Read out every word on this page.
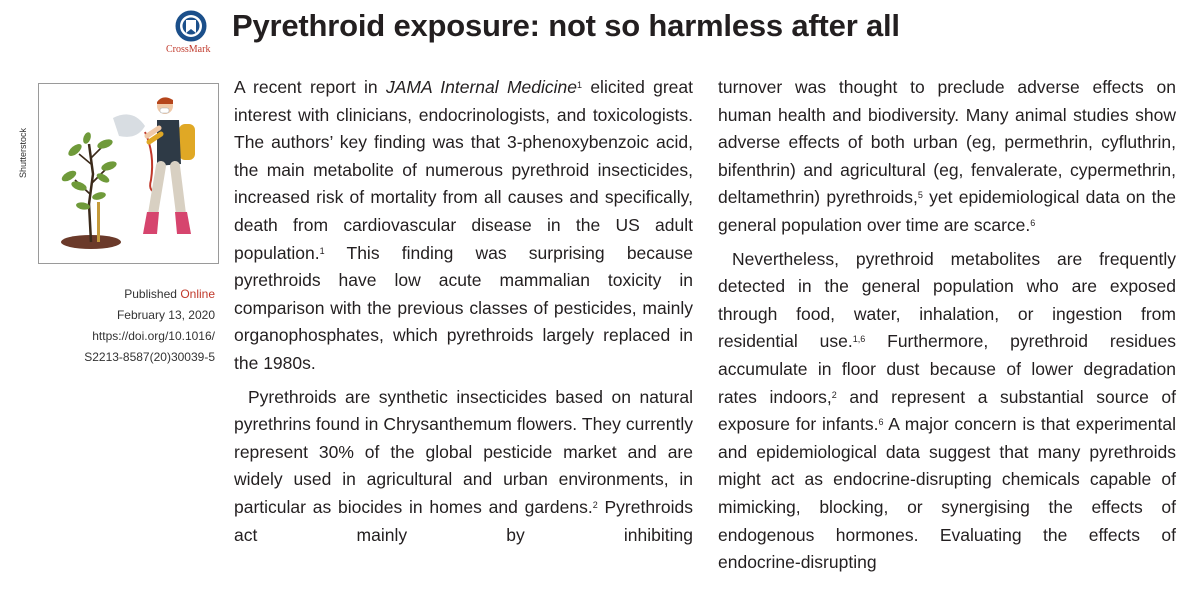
CrossMark
Pyrethroid exposure: not so harmless after all
Shutterstock
Published Online
February 13, 2020
https://doi.org/10.1016/
S2213-8587(20)30039-5

A recent report in JAMA Internal Medicine$^1$ elicited great interest with clinicians, endocrinologists, and toxicologists. The authors’ key finding was that 3-phenoxybenzoic acid, the main metabolite of numerous pyrethroid insecticides, increased risk of mortality from all causes and specifically, death from cardiovascular disease in the US adult population.$^1$ This finding was surprising because pyrethroids have low acute mammalian toxicity in comparison with the previous classes of pesticides, mainly organophosphates, which pyrethroids largely replaced in the 1980s.

Pyrethroids are synthetic insecticides based on natural pyrethrins found in Chrysanthemum flowers. They currently represent 30% of the global pesticide market and are widely used in agricultural and urban environments, in particular as biocides in homes and gardens.$^2$ Pyrethroids act mainly by inhibiting

turnover was thought to preclude adverse effects on human health and biodiversity. Many animal studies show adverse effects of both urban (eg, permethrin, cyfluthrin, bifenthrin) and agricultural (eg, fenvalerate, cypermethrin, deltamethrin) pyrethroids,$^5$ yet epidemiological data on the general population over time are scarce.$^6$

Nevertheless, pyrethroid metabolites are frequently detected in the general population who are exposed through food, water, inhalation, or ingestion from residential use.$^{1,6}$ Furthermore, pyrethroid residues accumulate in floor dust because of lower degradation rates indoors,$^2$ and represent a substantial source of exposure for infants.$^6$ A major concern is that experimental and epidemiological data suggest that many pyrethroids might act as endocrine-disrupting chemicals capable of mimicking, blocking, or synergising the effects of endogenous hormones. Evaluating the effects of endocrine-disrupting
